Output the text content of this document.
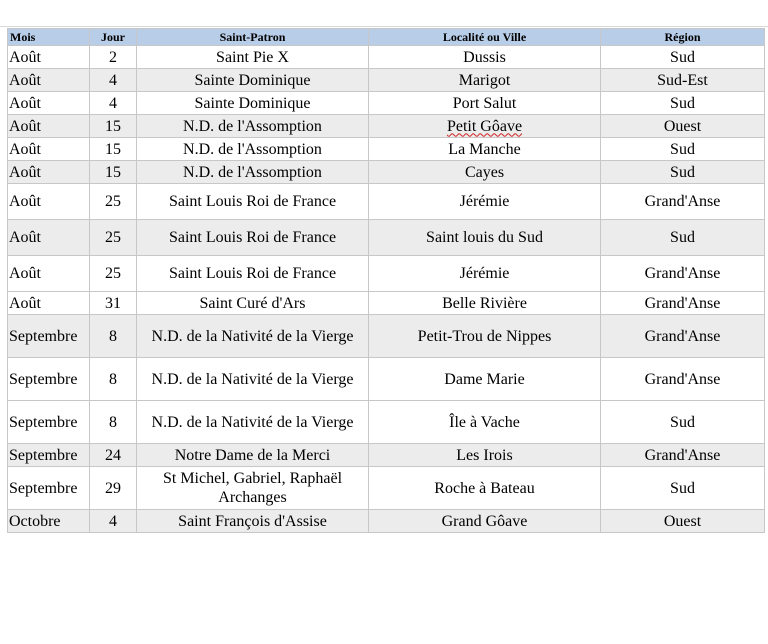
Mois	Jour	Saint-Patron	Localité ou Ville	Région
Août	2	Saint Pie X	Dussis	Sud
Août	4	Sainte Dominique	Marigot	Sud-Est
Août	4	Sainte Dominique	Port Salut	Sud
Août	15	N.D. de l'Assomption	Petit Gôave	Ouest
Août	15	N.D. de l'Assomption	La Manche	Sud
Août	15	N.D. de l'Assomption	Cayes	Sud
Août	25	Saint Louis Roi de France	Jérémie	Grand'Anse
Août	25	Saint Louis Roi de France	Saint louis du Sud	Sud
Août	25	Saint Louis Roi de France	Jérémie	Grand'Anse
Août	31	Saint Curé d'Ars	Belle Rivière	Grand'Anse
Septembre	8	N.D. de la Nativité de la Vierge	Petit-Trou de Nippes	Grand'Anse
Septembre	8	N.D. de la Nativité de la Vierge	Dame Marie	Grand'Anse
Septembre	8	N.D. de la Nativité de la Vierge	Île à Vache	Sud
Septembre	24	Notre Dame de la Merci	Les Irois	Grand'Anse
Septembre	29	St Michel, Gabriel, Raphaël Archanges	Roche à Bateau	Sud
Octobre	4	Saint François d'Assise	Grand Gôave	Ouest
